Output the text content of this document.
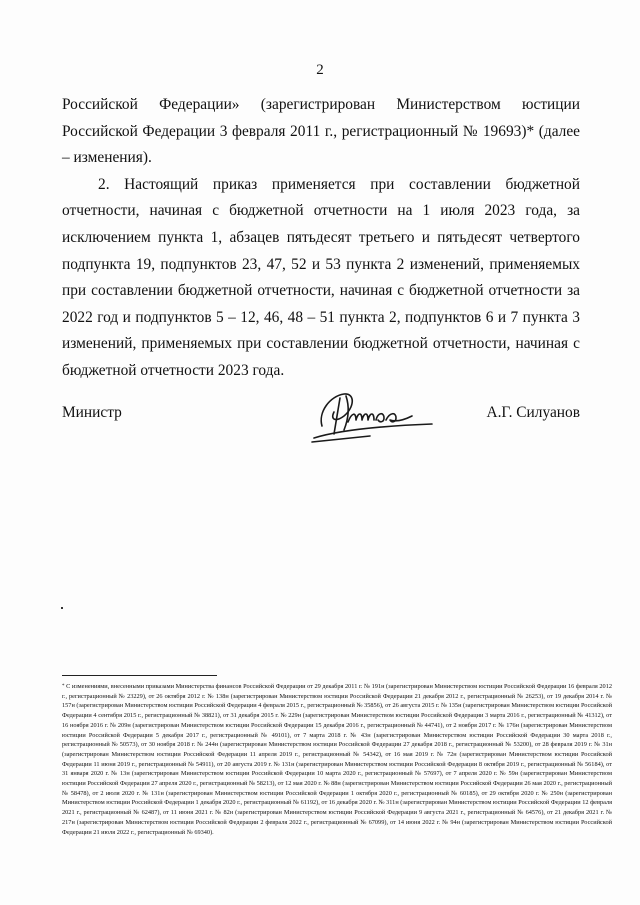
2

Российской Федерации» (зарегистрирован Министерством юстиции Российской Федерации 3 февраля 2011 г., регистрационный № 19693)* (далее – изменения).

2. Настоящий приказ применяется при составлении бюджетной отчетности, начиная с бюджетной отчетности на 1 июля 2023 года, за исключением пункта 1, абзацев пятьдесят третьего и пятьдесят четвертого подпункта 19, подпунктов 23, 47, 52 и 53 пункта 2 изменений, применяемых при составлении бюджетной отчетности, начиная с бюджетной отчетности за 2022 год и подпунктов 5 – 12, 46, 48 – 51 пункта 2, подпунктов 6 и 7 пункта 3 изменений, применяемых при составлении бюджетной отчетности, начиная с бюджетной отчетности 2023 года.

Министр	А.Г. Силуанов
* С изменениями, внесенными приказами Министерства финансов Российской Федерации от 29 декабря 2011 г. № 191н (зарегистрирован Министерством юстиции Российской Федерации 16 февраля 2012 г., регистрационный № 23229), от 26 октября 2012 г. № 138н (зарегистрирован Министерством юстиции Российской Федерации 21 декабря 2012 г., регистрационный № 26253), от 19 декабря 2014 г. № 157н (зарегистрирован Министерством юстиции Российской Федерации 4 февраля 2015 г., регистрационный № 35856), от 26 августа 2015 г. № 135н (зарегистрирован Министерством юстиции Российской Федерации 4 сентября 2015 г., регистрационный № 38821), от 31 декабря 2015 г. № 229н (зарегистрирован Министерством юстиции Российской Федерации 3 марта 2016 г., регистрационный № 41312), от 16 ноября 2016 г. № 209н (зарегистрирован Министерством юстиции Российской Федерации 15 декабря 2016 г., регистрационный № 44741), от 2 ноября 2017 г. № 176н (зарегистрирован Министерством юстиции Российской Федерации 5 декабря 2017 г., регистрационный № 49101), от 7 марта 2018 г. № 43н (зарегистрирован Министерством юстиции Российской Федерации 30 марта 2018 г., регистрационный № 50573), от 30 ноября 2018 г. № 244н (зарегистрирован Министерством юстиции Российской Федерации 27 декабря 2018 г., регистрационный № 53200), от 28 февраля 2019 г. № 31н (зарегистрирован Министерством юстиции Российской Федерации 11 апреля 2019 г., регистрационный № 54342), от 16 мая 2019 г. № 72н (зарегистрирован Министерством юстиции Российской Федерации 11 июня 2019 г., регистрационный № 54911), от 20 августа 2019 г. № 131н (зарегистрирован Министерством юстиции Российской Федерации 8 октября 2019 г., регистрационный № 56184), от 31 января 2020 г. № 13н (зарегистрирован Министерством юстиции Российской Федерации 10 марта 2020 г., регистрационный № 57697), от 7 апреля 2020 г. № 59н (зарегистрирован Министерством юстиции Российской Федерации 27 апреля 2020 г., регистрационный № 58213), от 12 мая 2020 г. № 88н (зарегистрирован Министерством юстиции Российской Федерации 26 мая 2020 г., регистрационный № 58478), от 2 июля 2020 г. № 131н (зарегистрирован Министерством юстиции Российской Федерации 1 октября 2020 г., регистрационный № 60185), от 29 октября 2020 г. № 250н (зарегистрирован Министерством юстиции Российской Федерации 1 декабря 2020 г., регистрационный № 61192), от 16 декабря 2020 г. № 311н (зарегистрирован Министерством юстиции Российской Федерации 12 февраля 2021 г., регистрационный № 62487), от 11 июня 2021 г. № 82н (зарегистрирован Министерством юстиции Российской Федерации 9 августа 2021 г., регистрационный № 64576), от 21 декабря 2021 г. № 217н (зарегистрирован Министерством юстиции Российской Федерации 2 февраля 2022 г., регистрационный № 67099), от 14 июня 2022 г. № 94н (зарегистрирован Министерством юстиции Российской Федерации 21 июля 2022 г., регистрационный № 69340).
